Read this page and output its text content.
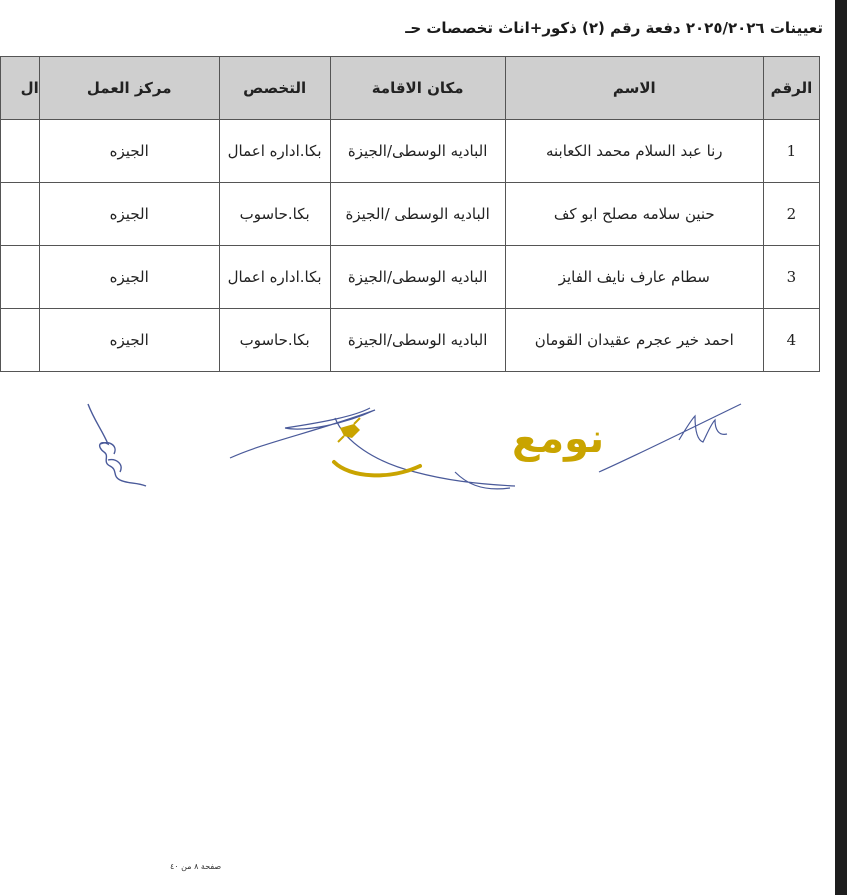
تعيينات ٢٠٢٥/٢٠٢٦ دفعة رقم (٢) ذكور+اناث تخصصات حـ
الرقم	الاسم	مكان الاقامة	التخصص	مركز العمل	ال
1	رنا عبد السلام محمد الكعابنه	الباديه الوسطى/الجيزة	بكا.اداره اعمال	الجيزه	
2	حنين سلامه مصلح ابو كف	الباديه الوسطى /الجيزة	بكا.حاسوب	الجيزه	
3	سطام عارف نايف الفايز	الباديه الوسطى/الجيزة	بكا.اداره اعمال	الجيزه	
4	احمد خير عجرم عقيدان القومان	الباديه الوسطى/الجيزة	بكا.حاسوب	الجيزه	
نومع
صفحة ٨ من ٤٠
